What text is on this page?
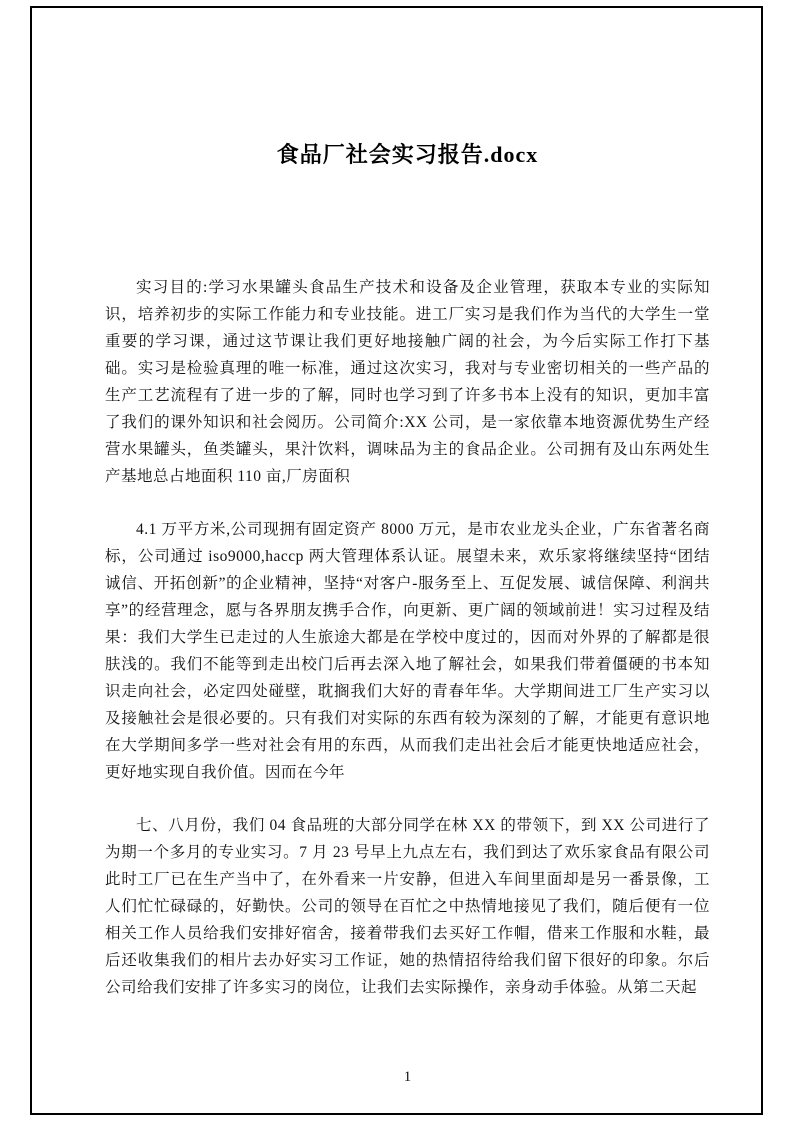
食品厂社会实习报告.docx

实习目的:学习水果罐头食品生产技术和设备及企业管理，获取本专业的实际知识，培养初步的实际工作能力和专业技能。进工厂实习是我们作为当代的大学生一堂重要的学习课，通过这节课让我们更好地接触广阔的社会，为今后实际工作打下基础。实习是检验真理的唯一标准，通过这次实习，我对与专业密切相关的一些产品的生产工艺流程有了进一步的了解，同时也学习到了许多书本上没有的知识，更加丰富了我们的课外知识和社会阅历。公司简介:XX 公司，是一家依靠本地资源优势生产经营水果罐头，鱼类罐头，果汁饮料，调味品为主的食品企业。公司拥有及山东两处生产基地总占地面积 110 亩,厂房面积

4.1 万平方米,公司现拥有固定资产 8000 万元，是市农业龙头企业，广东省著名商标，公司通过 iso9000,haccp 两大管理体系认证。展望未来，欢乐家将继续坚持“团结诚信、开拓创新”的企业精神，坚持“对客户-服务至上、互促发展、诚信保障、利润共享”的经营理念，愿与各界朋友携手合作，向更新、更广阔的领域前进！实习过程及结果：我们大学生已走过的人生旅途大都是在学校中度过的，因而对外界的了解都是很肤浅的。我们不能等到走出校门后再去深入地了解社会，如果我们带着僵硬的书本知识走向社会，必定四处碰壁，耽搁我们大好的青春年华。大学期间进工厂生产实习以及接触社会是很必要的。只有我们对实际的东西有较为深刻的了解，才能更有意识地在大学期间多学一些对社会有用的东西，从而我们走出社会后才能更快地适应社会，更好地实现自我价值。因而在今年

七、八月份，我们 04 食品班的大部分同学在林 XX 的带领下，到 XX 公司进行了为期一个多月的专业实习。7 月 23 号早上九点左右，我们到达了欢乐家食品有限公司此时工厂已在生产当中了，在外看来一片安静，但进入车间里面却是另一番景像，工人们忙忙碌碌的，好勤快。公司的领导在百忙之中热情地接见了我们，随后便有一位相关工作人员给我们安排好宿舍，接着带我们去买好工作帽，借来工作服和水鞋，最后还收集我们的相片去办好实习工作证，她的热情招待给我们留下很好的印象。尔后公司给我们安排了许多实习的岗位，让我们去实际操作，亲身动手体验。从第二天起

1
